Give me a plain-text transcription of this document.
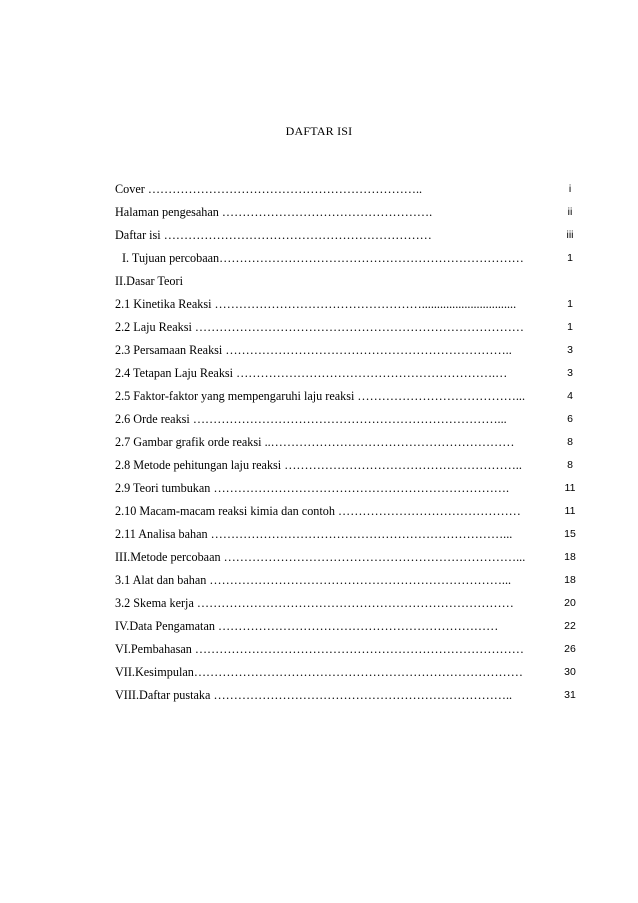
DAFTAR ISI
Cover …………………………………………………………..	i
Halaman pengesahan …………………………………………….	ii
Daftar isi …………………………………………………………	iii
I. Tujuan percobaan…………………………………………………………………	1
II.Dasar Teori
2.1 Kinetika Reaksi ……………………………………………...............................	1
2.2 Laju Reaksi ………………………………………………………………………	1
2.3 Persamaan Reaksi ……………………………………………………………..	3
2.4 Tetapan Laju Reaksi ……………………………………………………….…	3
2.5 Faktor-faktor yang mempengaruhi laju reaksi …………………………………...	4
2.6 Orde reaksi …………………………………………………………………...	6
2.7 Gambar grafik orde reaksi ..……………………………………………………	8
2.8 Metode pehitungan laju reaksi …………………………………………………..	8
2.9 Teori tumbukan ……………………………………………………………….	11
2.10 Macam-macam reaksi kimia dan contoh ………………………………………	11
2.11 Analisa bahan ………………………………………………………………...	15
III.Metode percobaan ………………………………………………………………...	18
3.1 Alat dan bahan ………………………………………………………………...	18
3.2 Skema kerja ……………………………………………………………………	20
IV.Data Pengamatan ……………………………………………………………	22
VI.Pembahasan ………………………………………………………………………	26
VII.Kesimpulan………………………………………………………………………	30
VIII.Daftar pustaka ………………………………………………………………..	31
